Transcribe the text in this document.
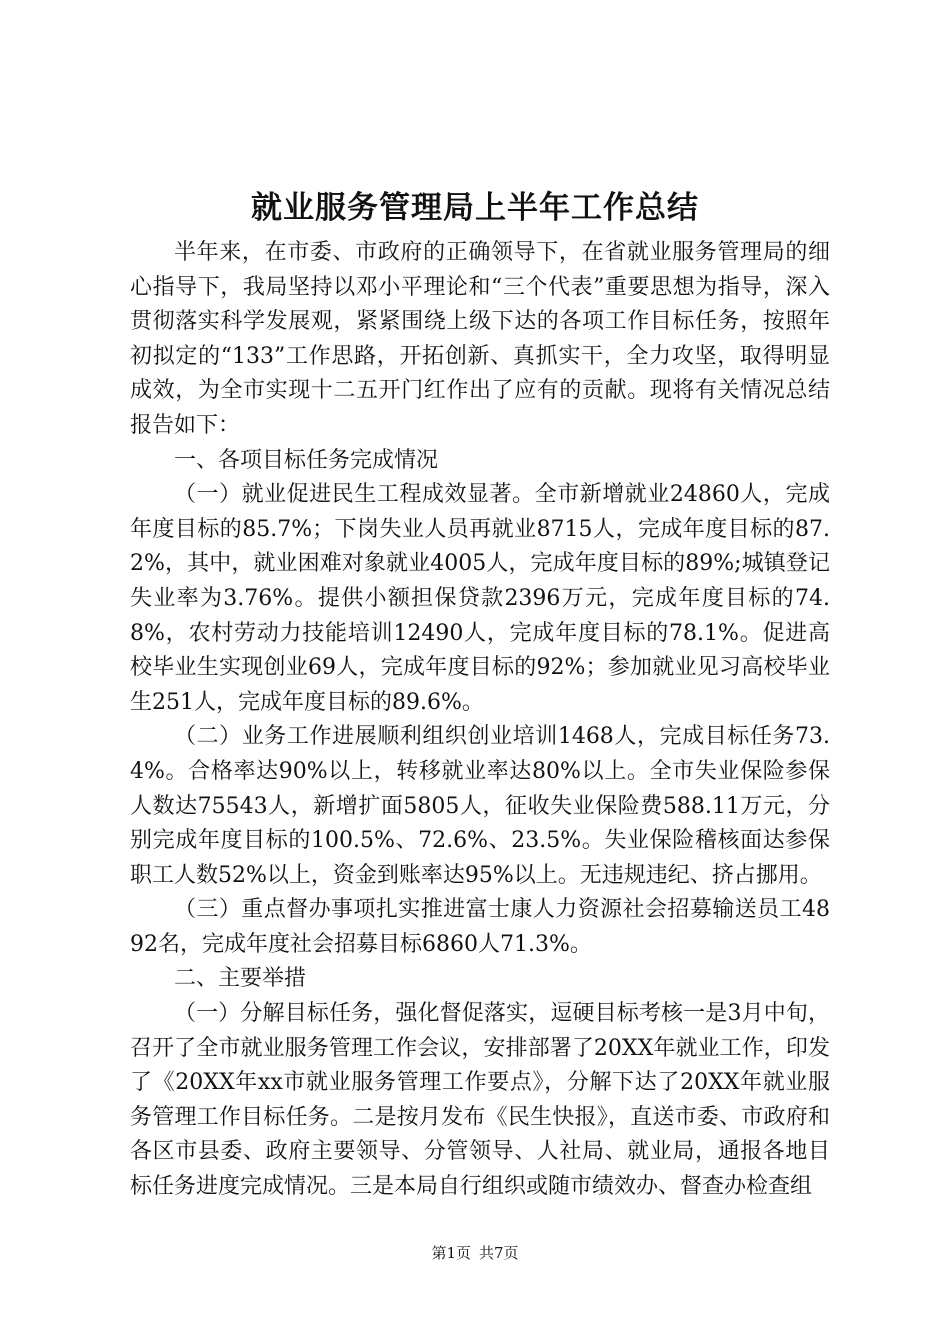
就业服务管理局上半年工作总结

半年来，在市委、市政府的正确领导下，在省就业服务管理局的细心指导下，我局坚持以邓小平理论和“三个代表”重要思想为指导，深入贯彻落实科学发展观，紧紧围绕上级下达的各项工作目标任务，按照年初拟定的“133”工作思路，开拓创新、真抓实干，全力攻坚，取得明显成效，为全市实现十二五开门红作出了应有的贡献。现将有关情况总结报告如下：

一、各项目标任务完成情况

（一）就业促进民生工程成效显著。全市新增就业24860人，完成年度目标的85.7%；下岗失业人员再就业8715人，完成年度目标的87.2%，其中，就业困难对象就业4005人，完成年度目标的89%;城镇登记失业率为3.76%。提供小额担保贷款2396万元，完成年度目标的74.8%，农村劳动力技能培训12490人，完成年度目标的78.1%。促进高校毕业生实现创业69人，完成年度目标的92%；参加就业见习高校毕业生251人，完成年度目标的89.6%。

（二）业务工作进展顺利组织创业培训1468人，完成目标任务73.4%。合格率达90%以上，转移就业率达80%以上。全市失业保险参保人数达75543人，新增扩面5805人，征收失业保险费588.11万元，分别完成年度目标的100.5%、72.6%、23.5%。失业保险稽核面达参保职工人数52%以上，资金到账率达95%以上。无违规违纪、挤占挪用。

（三）重点督办事项扎实推进富士康人力资源社会招募输送员工4892名，完成年度社会招募目标6860人71.3%。

二、主要举措

（一）分解目标任务，强化督促落实，逗硬目标考核一是3月中旬，召开了全市就业服务管理工作会议，安排部署了20XX年就业工作，印发了《20XX年xx市就业服务管理工作要点》，分解下达了20XX年就业服务管理工作目标任务。二是按月发布《民生快报》，直送市委、市政府和各区市县委、政府主要领导、分管领导、人社局、就业局，通报各地目标任务进度完成情况。三是本局自行组织或随市绩效办、督查办检查组

第1页 共7页
